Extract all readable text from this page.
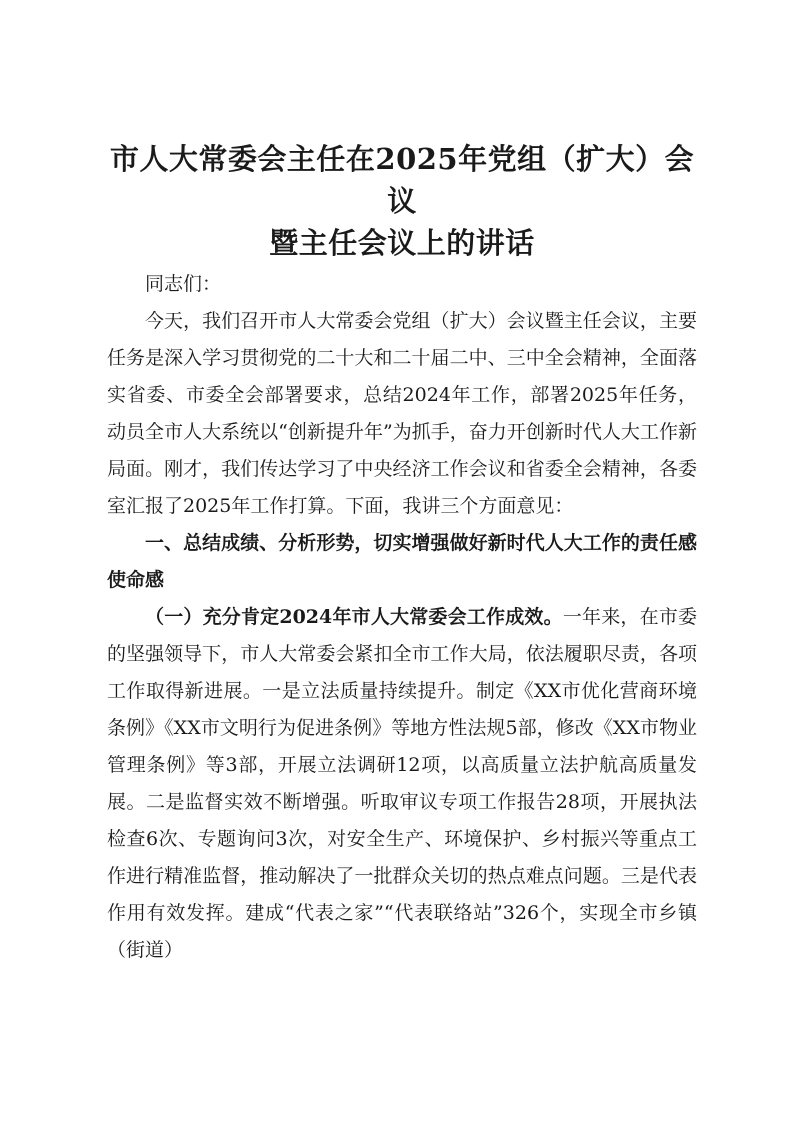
市人大常委会主任在2025年党组（扩大）会议
暨主任会议上的讲话

同志们：

今天，我们召开市人大常委会党组（扩大）会议暨主任会议，主要任务是深入学习贯彻党的二十大和二十届二中、三中全会精神，全面落实省委、市委全会部署要求，总结2024年工作，部署2025年任务，动员全市人大系统以“创新提升年”为抓手，奋力开创新时代人大工作新局面。刚才，我们传达学习了中央经济工作会议和省委全会精神，各委室汇报了2025年工作打算。下面，我讲三个方面意见：

一、总结成绩、分析形势，切实增强做好新时代人大工作的责任感使命感

（一）充分肯定2024年市人大常委会工作成效。一年来，在市委的坚强领导下，市人大常委会紧扣全市工作大局，依法履职尽责，各项工作取得新进展。一是立法质量持续提升。制定《XX市优化营商环境条例》《XX市文明行为促进条例》等地方性法规5部，修改《XX市物业管理条例》等3部，开展立法调研12项，以高质量立法护航高质量发展。二是监督实效不断增强。听取审议专项工作报告28项，开展执法检查6次、专题询问3次，对安全生产、环境保护、乡村振兴等重点工作进行精准监督，推动解决了一批群众关切的热点难点问题。三是代表作用有效发挥。建成“代表之家”“代表联络站”326个，实现全市乡镇（街道）
